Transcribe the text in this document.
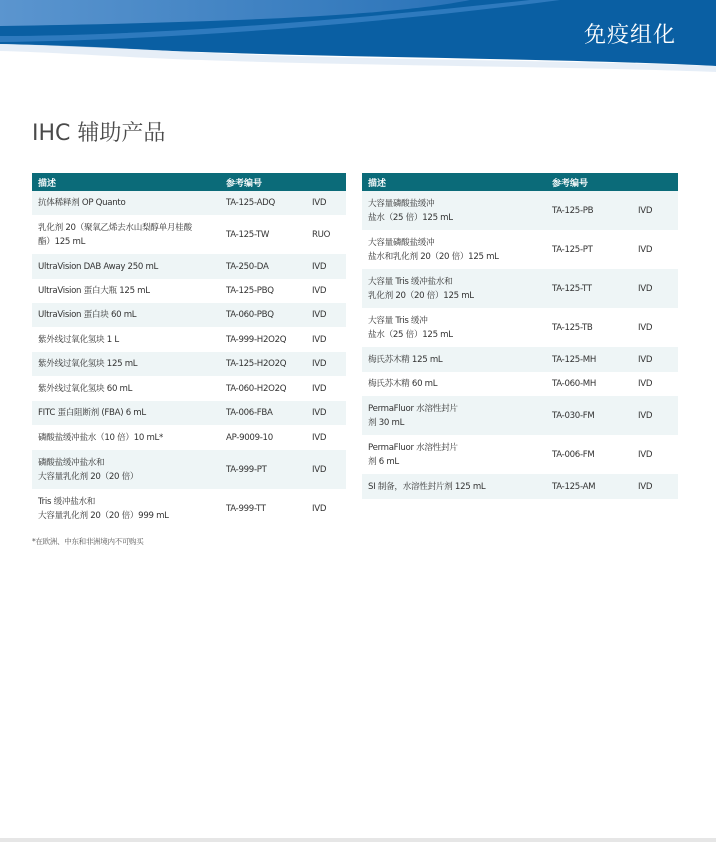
免疫组化
IHC 辅助产品
描述	参考编号	
抗体稀释剂 OP Quanto	TA-125-ADQ	IVD
乳化剂 20（聚氧乙烯去水山梨醇单月桂酸
酯）125 mL	TA-125-TW	RUO
UltraVision DAB Away 250 mL	TA-250-DA	IVD
UltraVision 蛋白大瓶 125 mL	TA-125-PBQ	IVD
UltraVision 蛋白块 60 mL	TA-060-PBQ	IVD
紫外线过氧化氢块 1 L	TA-999-H2O2Q	IVD
紫外线过氧化氢块 125 mL	TA-125-H2O2Q	IVD
紫外线过氧化氢块 60 mL	TA-060-H2O2Q	IVD
FITC 蛋白阻断剂 (FBA) 6 mL	TA-006-FBA	IVD
磷酸盐缓冲盐水（10 倍）10 mL*	AP-9009-10	IVD
磷酸盐缓冲盐水和
大容量乳化剂 20（20 倍）	TA-999-PT	IVD
Tris 缓冲盐水和
大容量乳化剂 20（20 倍）999 mL	TA-999-TT	IVD
描述	参考编号	
大容量磷酸盐缓冲
盐水（25 倍）125 mL	TA-125-PB	IVD
大容量磷酸盐缓冲
盐水和乳化剂 20（20 倍）125 mL	TA-125-PT	IVD
大容量 Tris 缓冲盐水和
乳化剂 20（20 倍）125 mL	TA-125-TT	IVD
大容量 Tris 缓冲
盐水（25 倍）125 mL	TA-125-TB	IVD
梅氏苏木精 125 mL	TA-125-MH	IVD
梅氏苏木精 60 mL	TA-060-MH	IVD
PermaFluor 水溶性封片
剂 30 mL	TA-030-FM	IVD
PermaFluor 水溶性封片
剂 6 mL	TA-006-FM	IVD
SI 制备，水溶性封片剂 125 mL	TA-125-AM	IVD
*在欧洲、中东和非洲境内不可购买
